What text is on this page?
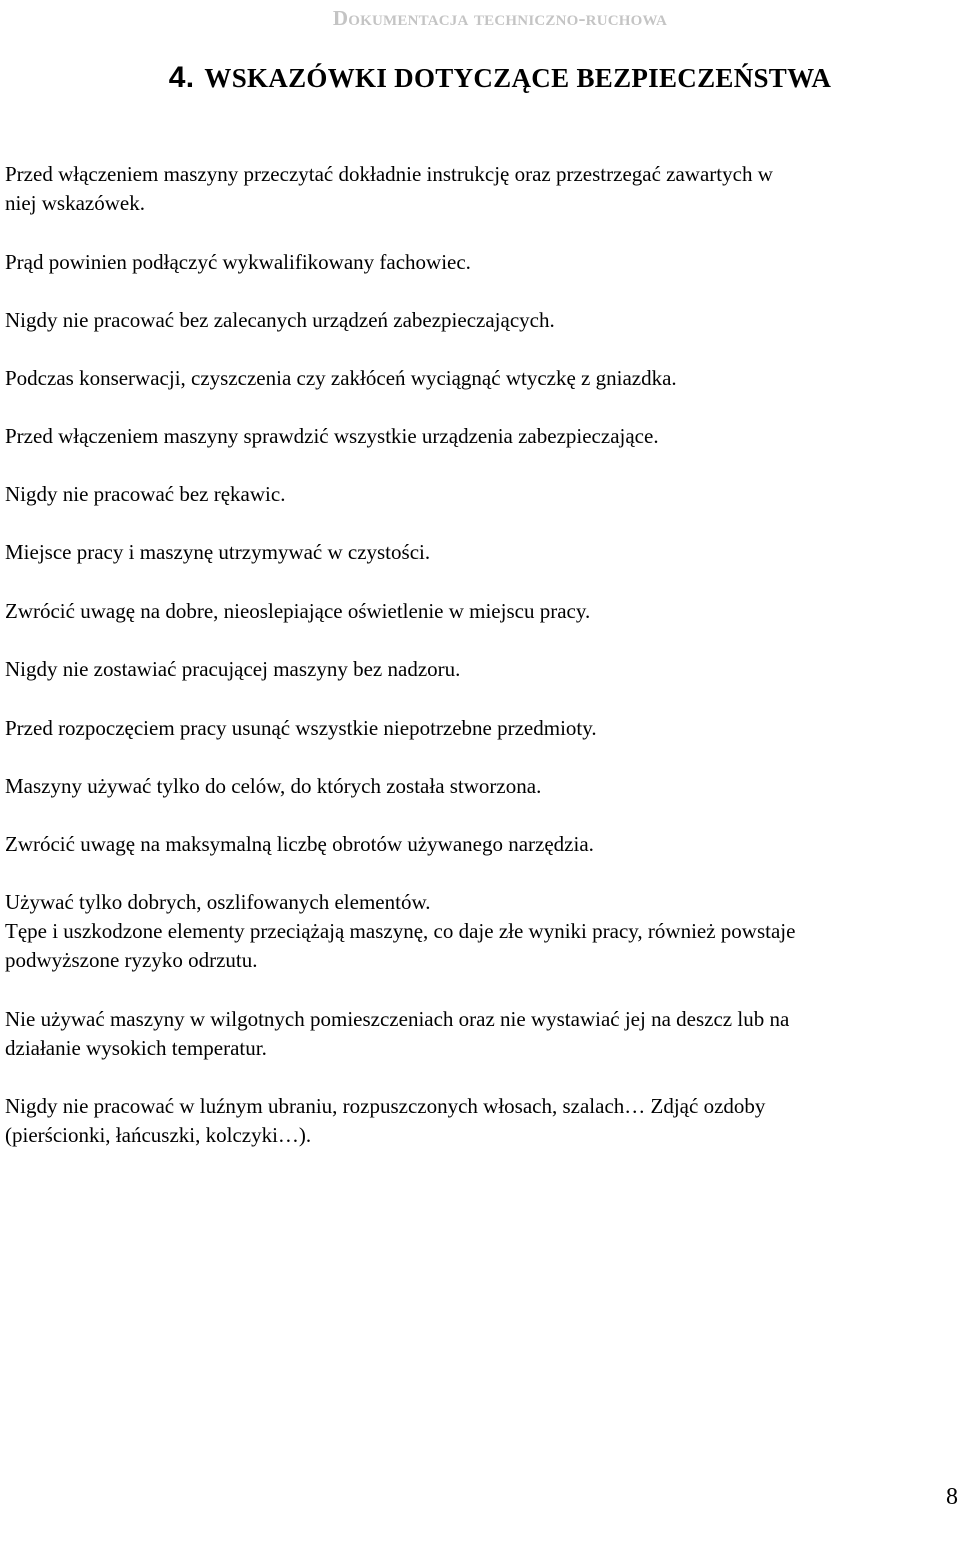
Dokumentacja techniczno-ruchowa
4. WSKAZÓWKI DOTYCZĄCE BEZPIECZEŃSTWA
Przed włączeniem maszyny przeczytać dokładnie instrukcję oraz przestrzegać zawartych w
niej wskazówek.
Prąd powinien podłączyć wykwalifikowany fachowiec.
Nigdy nie pracować bez zalecanych urządzeń zabezpieczających.
Podczas konserwacji, czyszczenia czy zakłóceń wyciągnąć wtyczkę z gniazdka.
Przed włączeniem maszyny sprawdzić wszystkie urządzenia zabezpieczające.
Nigdy nie pracować bez rękawic.
Miejsce pracy i maszynę utrzymywać w czystości.
Zwrócić uwagę na dobre, nieoslepiające oświetlenie w miejscu pracy.
Nigdy nie zostawiać pracującej maszyny bez nadzoru.
Przed rozpoczęciem pracy usunąć wszystkie niepotrzebne przedmioty.
Maszyny używać tylko do celów, do których została stworzona.
Zwrócić uwagę na maksymalną liczbę obrotów używanego narzędzia.
Używać tylko dobrych, oszlifowanych elementów.
Tępe i uszkodzone elementy przeciążają maszynę, co daje złe wyniki pracy, również powstaje
podwyższone ryzyko odrzutu.
Nie używać maszyny w wilgotnych pomieszczeniach oraz nie wystawiać jej na deszcz lub na
działanie wysokich temperatur.
Nigdy nie pracować w luźnym ubraniu, rozpuszczonych włosach, szalach… Zdjąć ozdoby
(pierścionki, łańcuszki, kolczyki…).
8
